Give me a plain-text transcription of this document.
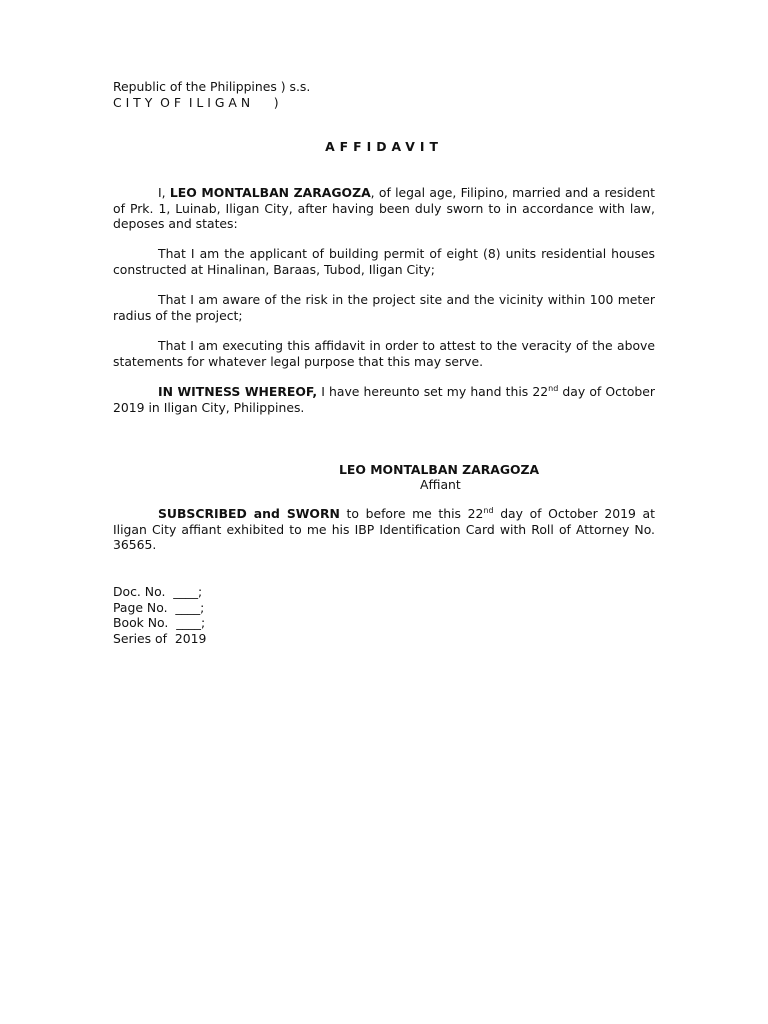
Republic of the Philippines ) s.s.
C I T Y  O F  I L I G A N      )
AFFIDAVIT
I, LEO MONTALBAN ZARAGOZA, of legal age, Filipino, married and a resident of Prk. 1, Luinab, Iligan City, after having been duly sworn to in accordance with law, deposes and states:
That I am the applicant of building permit of eight (8) units residential houses constructed at Hinalinan, Baraas, Tubod, Iligan City;
That I am aware of the risk in the project site and the vicinity within 100 meter radius of the project;
That I am executing this affidavit in order to attest to the veracity of the above statements for whatever legal purpose that this may serve.
IN WITNESS WHEREOF, I have hereunto set my hand this 22nd day of October 2019 in Iligan City, Philippines.
LEO MONTALBAN ZARAGOZA
Affiant
SUBSCRIBED and SWORN to before me this 22nd day of October 2019 at Iligan City affiant exhibited to me his IBP Identification Card with Roll of Attorney No. 36565.
Doc. No.  ____;
Page No.  ____;
Book No.  ____;
Series of  2019
